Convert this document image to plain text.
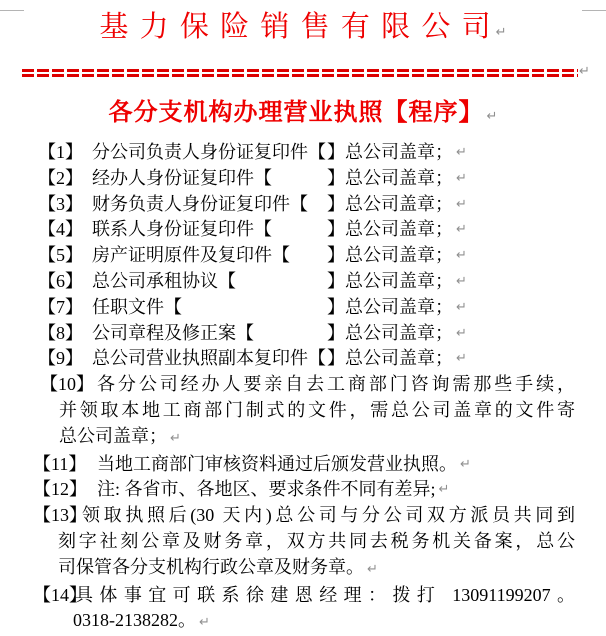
基 力 保 险 销 售 有 限 公 司 ↵
↵
各分支机构办理营业执照【程序】 ↵
【1】 分公司负责人身份证复印件【 】总公司盖章； ↵
【2】 经办人身份证复印件【	】总公司盖章； ↵
【3】 财务负责人身份证复印件【	】总公司盖章； ↵
【4】 联系人身份证复印件【	】总公司盖章； ↵
【5】 房产证明原件及复印件【	】总公司盖章； ↵
【6】 总公司承租协议【	】总公司盖章； ↵
【7】 任职文件【	】总公司盖章； ↵
【8】 公司章程及修正案【	】总公司盖章； ↵
【9】 总公司营业执照副本复印件【 】总公司盖章； ↵
【10】 各分公司经办人要亲自去工商部门咨询需那些手续，
并领取本地工商部门制式的文件，需总公司盖章的文件寄
总公司盖章； ↵
【11】 当地工商部门审核资料通过后颁发营业执照。 ↵
【12】 注: 各省市、各地区、要求条件不同有差异; ↵
【13】
领取执照后(30 天内)总公司与分公司双方派员共同到
刻字社刻公章及财务章，双方共同去税务机关备案，总公
司保管各分支机构行政公章及财务章。 ↵
【14】
具体事宜可联系徐建恩经理：拨打 13091199207。
0318-2138282。 ↵
